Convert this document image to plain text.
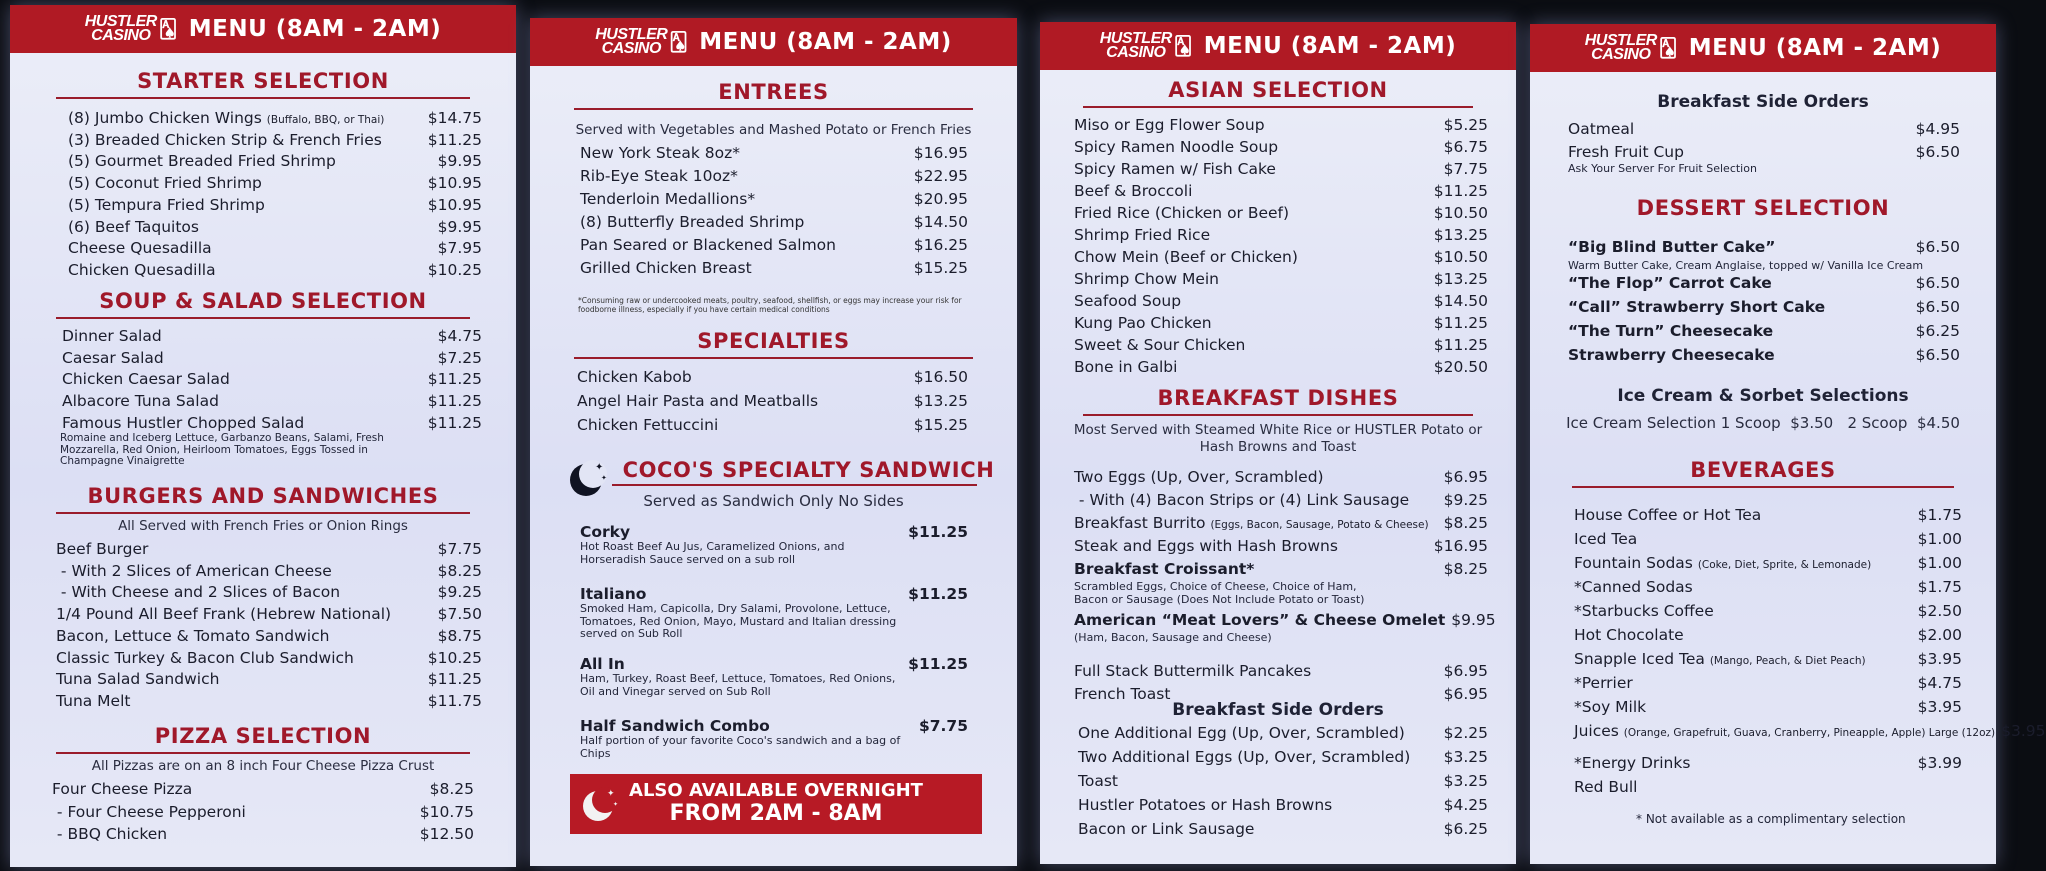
HUSTLER
CASINO 🂡 MENU (8AM - 2AM)
STARTER SELECTION
(8) Jumbo Chicken Wings (Buffalo, BBQ, or Thai)	$14.75
(3) Breaded Chicken Strip & French Fries	$11.25
(5) Gourmet Breaded Fried Shrimp	$9.95
(5) Coconut Fried Shrimp	$10.95
(5) Tempura Fried Shrimp	$10.95
(6) Beef Taquitos	$9.95
Cheese Quesadilla	$7.95
Chicken Quesadilla	$10.25
SOUP & SALAD SELECTION
Dinner Salad	$4.75
Caesar Salad	$7.25
Chicken Caesar Salad	$11.25
Albacore Tuna Salad	$11.25
Famous Hustler Chopped Salad	$11.25
Romaine and Iceberg Lettuce, Garbanzo Beans, Salami, Fresh Mozzarella, Red Onion, Heirloom Tomatoes, Eggs Tossed in Champagne Vinaigrette
BURGERS AND SANDWICHES
All Served with French Fries or Onion Rings
Beef Burger	$7.75
- With 2 Slices of American Cheese	$8.25
- With Cheese and 2 Slices of Bacon	$9.25
1/4 Pound All Beef Frank (Hebrew National)	$7.50
Bacon, Lettuce & Tomato Sandwich	$8.75
Classic Turkey & Bacon Club Sandwich	$10.25
Tuna Salad Sandwich	$11.25
Tuna Melt	$11.75
PIZZA SELECTION
All Pizzas are on an 8 inch Four Cheese Pizza Crust
Four Cheese Pizza	$8.25
- Four Cheese Pepperoni	$10.75
- BBQ Chicken	$12.50
HUSTLER
CASINO 🂡 MENU (8AM - 2AM)
ENTREES
Served with Vegetables and Mashed Potato or French Fries
New York Steak 8oz*	$16.95
Rib-Eye Steak 10oz*	$22.95
Tenderloin Medallions*	$20.95
(8) Butterfly Breaded Shrimp	$14.50
Pan Seared or Blackened Salmon	$16.25
Grilled Chicken Breast	$15.25
*Consuming raw or undercooked meats, poultry, seafood, shellfish, or eggs may increase your risk for foodborne illness, especially if you have certain medical conditions
SPECIALTIES
Chicken Kabob	$16.50
Angel Hair Pasta and Meatballs	$13.25
Chicken Fettuccini	$15.25
✦
✦ COCO'S SPECIALTY SANDWICH
Served as Sandwich Only No Sides
Corky	$11.25
Hot Roast Beef Au Jus, Caramelized Onions, and Horseradish Sauce served on a sub roll
Italiano	$11.25
Smoked Ham, Capicolla, Dry Salami, Provolone, Lettuce, Tomatoes, Red Onion, Mayo, Mustard and Italian dressing served on Sub Roll
All In	$11.25
Ham, Turkey, Roast Beef, Lettuce, Tomatoes, Red Onions, Oil and Vinegar served on Sub Roll
Half Sandwich Combo	$7.75
Half portion of your favorite Coco's sandwich and a bag of Chips
✦
✦
ALSO AVAILABLE OVERNIGHT
FROM 2AM - 8AM
HUSTLER
CASINO 🂡 MENU (8AM - 2AM)
ASIAN SELECTION
Miso or Egg Flower Soup	$5.25
Spicy Ramen Noodle Soup	$6.75
Spicy Ramen w/ Fish Cake	$7.75
Beef & Broccoli	$11.25
Fried Rice (Chicken or Beef)	$10.50
Shrimp Fried Rice	$13.25
Chow Mein (Beef or Chicken)	$10.50
Shrimp Chow Mein	$13.25
Seafood Soup	$14.50
Kung Pao Chicken	$11.25
Sweet & Sour Chicken	$11.25
Bone in Galbi	$20.50
BREAKFAST DISHES
Most Served with Steamed White Rice or HUSTLER Potato or Hash Browns and Toast
Two Eggs (Up, Over, Scrambled)	$6.95
- With (4) Bacon Strips or (4) Link Sausage	$9.25
Breakfast Burrito (Eggs, Bacon, Sausage, Potato & Cheese) $8.25
Steak and Eggs with Hash Browns	$16.95
Breakfast Croissant*	$8.25
Scrambled Eggs, Choice of Cheese, Choice of Ham, Bacon or Sausage (Does Not Include Potato or Toast)
American “Meat Lovers” & Cheese Omelet $9.95
(Ham, Bacon, Sausage and Cheese)
Full Stack Buttermilk Pancakes	$6.95
French Toast	$6.95
Breakfast Side Orders
One Additional Egg (Up, Over, Scrambled)	$2.25
Two Additional Eggs (Up, Over, Scrambled)	$3.25
Toast	$3.25
Hustler Potatoes or Hash Browns	$4.25
Bacon or Link Sausage	$6.25
HUSTLER
CASINO 🂡 MENU (8AM - 2AM)
Breakfast Side Orders
Oatmeal	$4.95
Fresh Fruit Cup	$6.50
Ask Your Server For Fruit Selection
DESSERT SELECTION
“Big Blind Butter Cake”	$6.50
Warm Butter Cake, Cream Anglaise, topped w/ Vanilla Ice Cream
“The Flop” Carrot Cake	$6.50
“Call” Strawberry Short Cake	$6.50
“The Turn” Cheesecake	$6.25
Strawberry Cheesecake	$6.50
Ice Cream & Sorbet Selections
Ice Cream Selection 1 Scoop  $3.50   2 Scoop  $4.50
BEVERAGES
House Coffee or Hot Tea	$1.75
Iced Tea	$1.00
Fountain Sodas (Coke, Diet, Sprite, & Lemonade)	$1.00
*Canned Sodas	$1.75
*Starbucks Coffee	$2.50
Hot Chocolate	$2.00
Snapple Iced Tea (Mango, Peach, & Diet Peach)	$3.95
*Perrier	$4.75
*Soy Milk	$3.95
Juices (Orange, Grapefruit, Guava, Cranberry, Pineapple, Apple) Large (12oz) $3.95
*Energy Drinks	$3.99
Red Bull
* Not available as a complimentary selection
